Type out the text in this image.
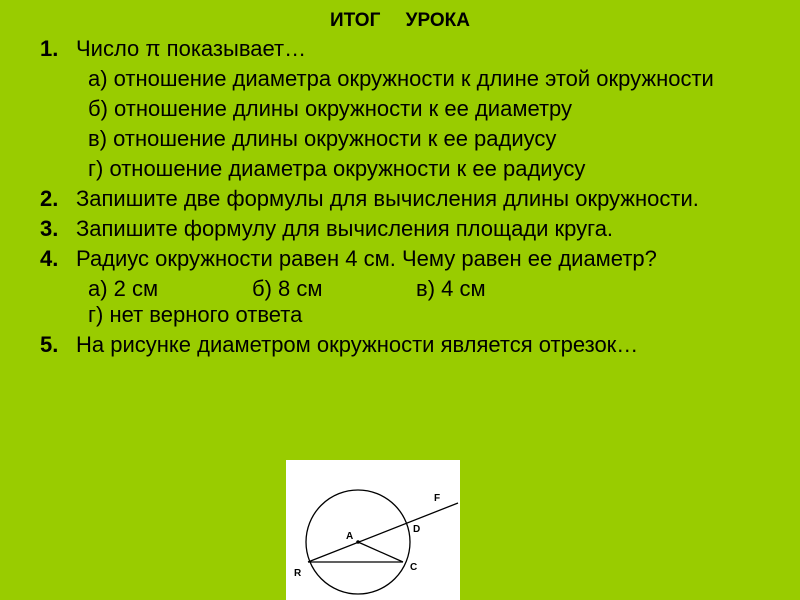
ИТОГ УРОКА
1. Число π показывает…
а) отношение диаметра окружности к длине этой окружности
б) отношение длины окружности к ее диаметру
в) отношение длины окружности к ее радиусу
г) отношение диаметра окружности к ее радиусу
2. Запишите две формулы для вычисления длины окружности.
3. Запишите формулу для вычисления площади круга.
4. Радиус окружности равен 4 см. Чему равен ее диаметр?
а) 2 см	б) 8 см	в) 4 см
г) нет верного ответа
5. На рисунке диаметром окружности является отрезок…
A
D
F
R
C
